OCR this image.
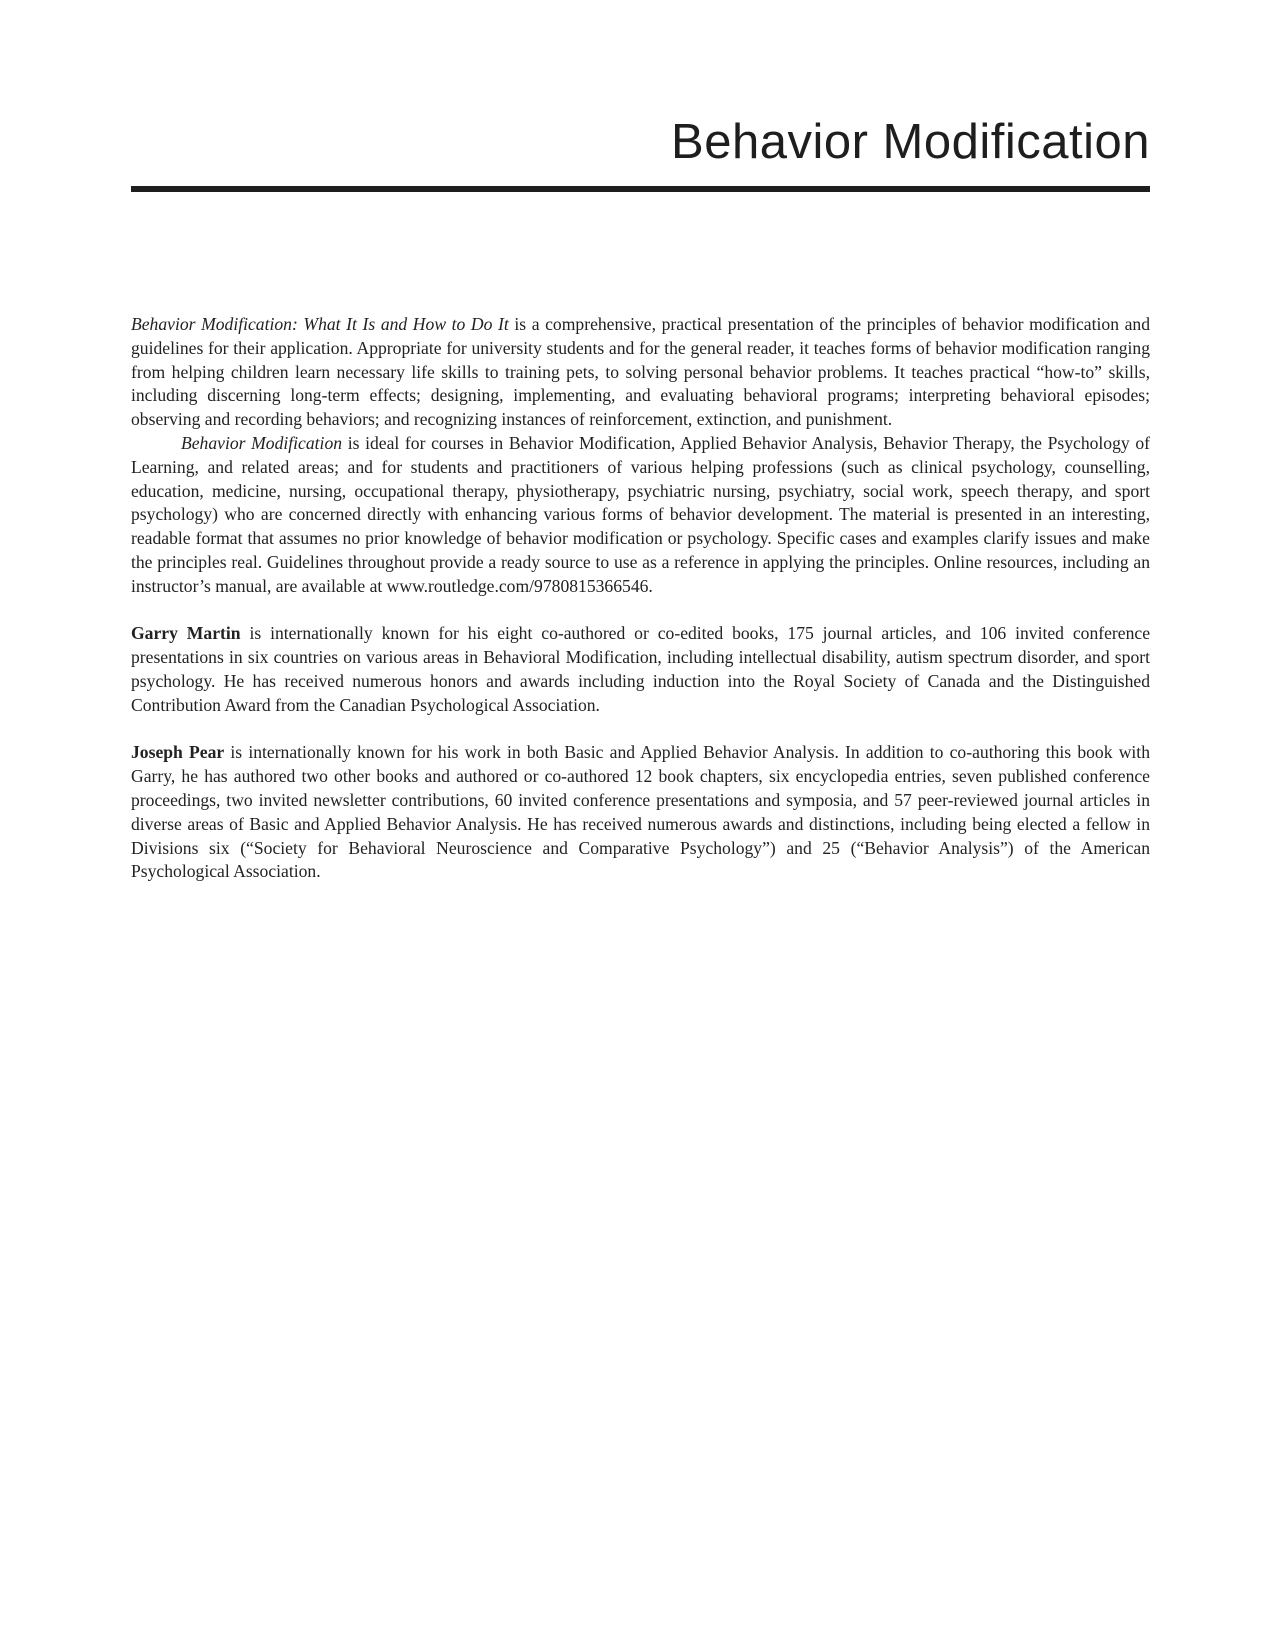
Behavior Modification

Behavior Modification: What It Is and How to Do It is a comprehensive, practical presentation of the principles of behavior modification and guidelines for their application. Appropriate for university students and for the general reader, it teaches forms of behavior modification ranging from helping children learn necessary life skills to training pets, to solving personal behavior problems. It teaches practical “how-to” skills, including discerning long-term effects; designing, implementing, and evaluating behavioral programs; interpreting behavioral episodes; observing and recording behaviors; and recognizing instances of reinforcement, extinction, and punishment.

Behavior Modification is ideal for courses in Behavior Modification, Applied Behavior Analysis, Behavior Therapy, the Psychology of Learning, and related areas; and for students and practitioners of various helping professions (such as clinical psychology, counselling, education, medicine, nursing, occupational therapy, physiotherapy, psychiatric nursing, psychiatry, social work, speech therapy, and sport psychology) who are concerned directly with enhancing various forms of behavior development. The material is presented in an interesting, readable format that assumes no prior knowledge of behavior modification or psychology. Specific cases and examples clarify issues and make the principles real. Guidelines throughout provide a ready source to use as a reference in applying the principles. Online resources, including an instructor’s manual, are available at www.routledge.com/9780815366546.

Garry Martin is internationally known for his eight co-authored or co-edited books, 175 journal articles, and 106 invited conference presentations in six countries on various areas in Behavioral Modification, including intellectual disability, autism spectrum disorder, and sport psychology. He has received numerous honors and awards including induction into the Royal Society of Canada and the Distinguished Contribution Award from the Canadian Psychological Association.

Joseph Pear is internationally known for his work in both Basic and Applied Behavior Analysis. In addition to co-authoring this book with Garry, he has authored two other books and authored or co-authored 12 book chapters, six encyclopedia entries, seven published conference proceedings, two invited newsletter contributions, 60 invited conference presentations and symposia, and 57 peer-reviewed journal articles in diverse areas of Basic and Applied Behavior Analysis. He has received numerous awards and distinctions, including being elected a fellow in Divisions six (“Society for Behavioral Neuroscience and Comparative Psychology”) and 25 (“Behavior Analysis”) of the American Psychological Association.
